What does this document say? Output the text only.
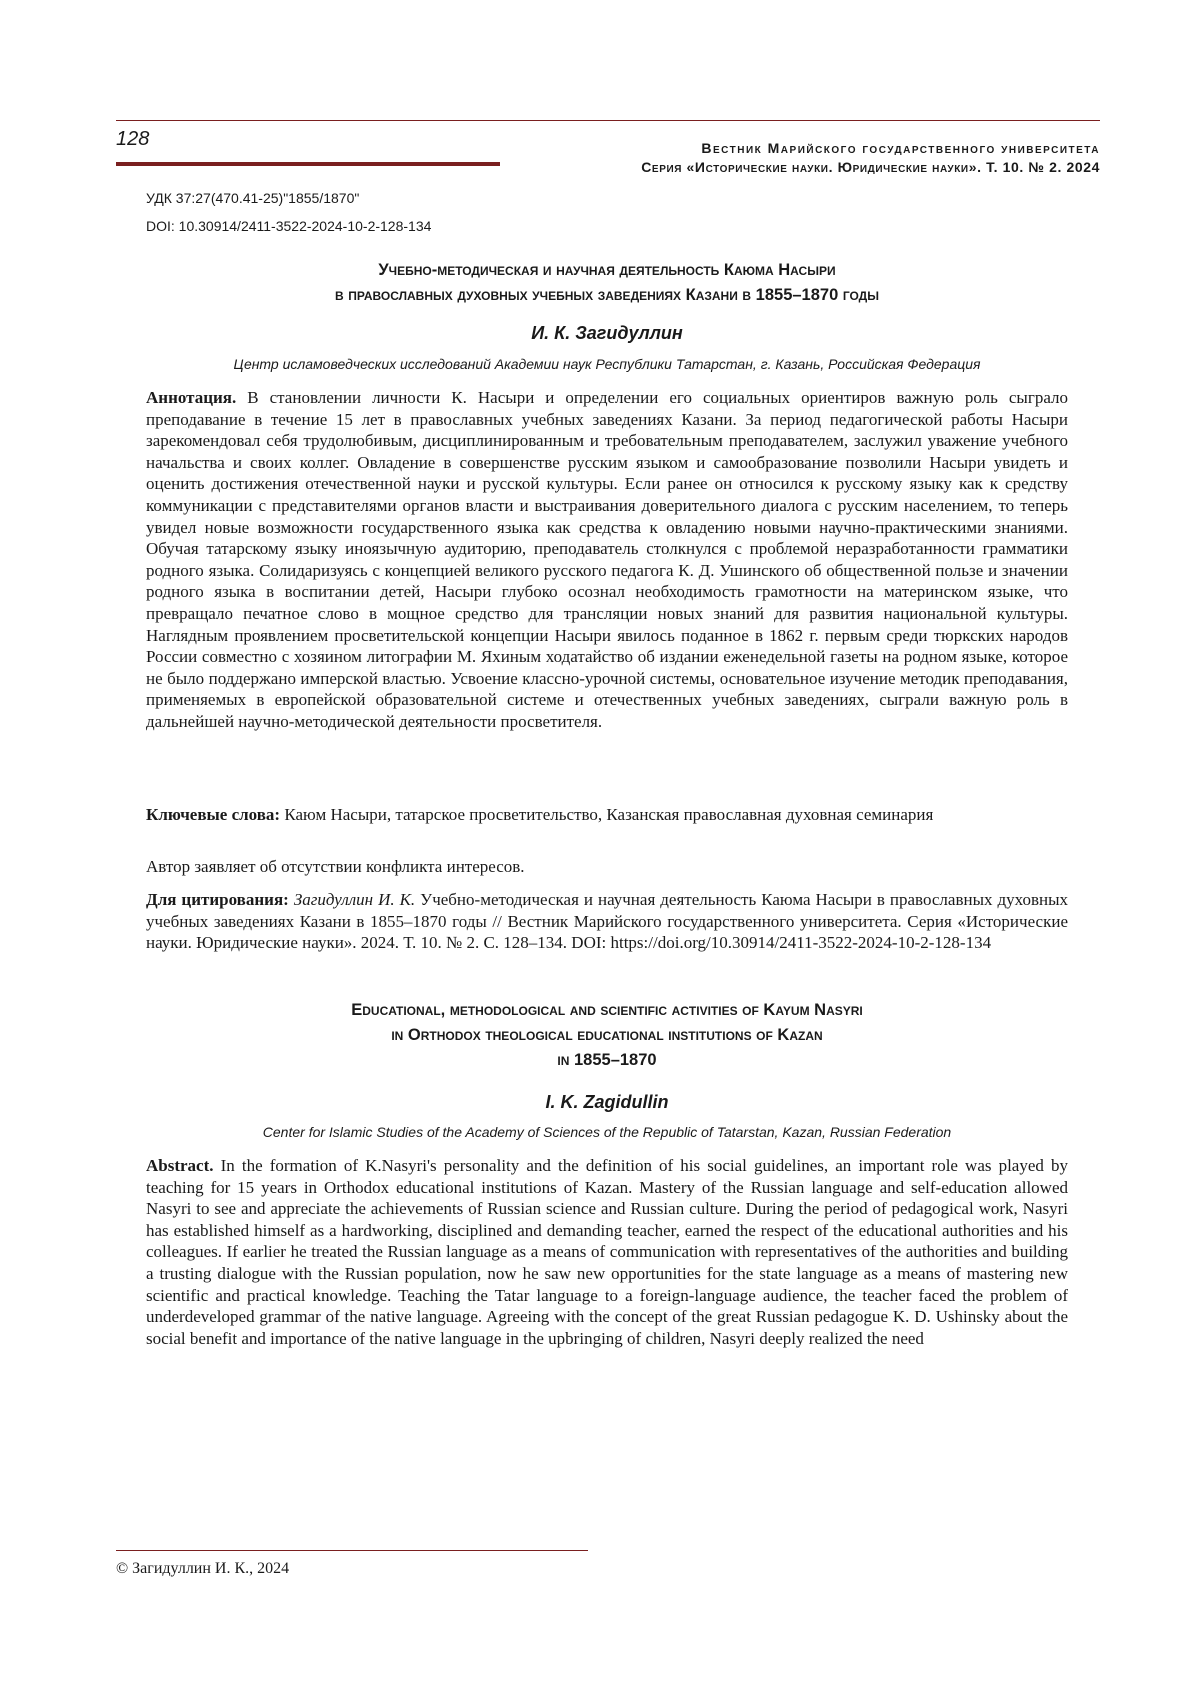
128	Вестник Марийского государственного университета
Серия «Исторические науки. Юридические науки». Т. 10. № 2. 2024
УДК 37:27(470.41-25)"1855/1870"
DOI: 10.30914/2411-3522-2024-10-2-128-134
Учебно-методическая и научная деятельность Каюма Насыри
в православных духовных учебных заведениях Казани в 1855–1870 годы
И. К. Загидуллин
Центр исламоведческих исследований Академии наук Республики Татарстан, г. Казань, Российская Федерация
Аннотация. В становлении личности К. Насыри и определении его социальных ориентиров важную роль сыграло преподавание в течение 15 лет в православных учебных заведениях Казани. За период педагогической работы Насыри зарекомендовал себя трудолюбивым, дисциплинированным и требовательным преподавателем, заслужил уважение учебного начальства и своих коллег. Овладение в совершенстве русским языком и самообразование позволили Насыри увидеть и оценить достижения отечественной науки и русской культуры. Если ранее он относился к русскому языку как к средству коммуникации с представителями органов власти и выстраивания доверительного диалога с русским населением, то теперь увидел новые возможности государственного языка как средства к овладению новыми научно-практическими знаниями. Обучая татарскому языку иноязычную аудиторию, преподаватель столкнулся с проблемой неразработанности грамматики родного языка. Солидаризуясь с концепцией великого русского педагога К. Д. Ушинского об общественной пользе и значении родного языка в воспитании детей, Насыри глубоко осознал необходимость грамотности на материнском языке, что превращало печатное слово в мощное средство для трансляции новых знаний для развития национальной культуры. Наглядным проявлением просветительской концепции Насыри явилось поданное в 1862 г. первым среди тюркских народов России совместно с хозяином литографии М. Яхиным ходатайство об издании еженедельной газеты на родном языке, которое не было поддержано имперской властью. Усвоение классно-урочной системы, основательное изучение методик преподавания, применяемых в европейской образовательной системе и отечественных учебных заведениях, сыграли важную роль в дальнейшей научно-методической деятельности просветителя.
Ключевые слова: Каюм Насыри, татарское просветительство, Казанская православная духовная семинария
Автор заявляет об отсутствии конфликта интересов.
Для цитирования: Загидуллин И. К. Учебно-методическая и научная деятельность Каюма Насыри в православных духовных учебных заведениях Казани в 1855–1870 годы // Вестник Марийского государственного университета. Серия «Исторические науки. Юридические науки». 2024. Т. 10. № 2. С. 128–134. DOI: https://doi.org/10.30914/2411-3522-2024-10-2-128-134
Educational, methodological and scientific activities of Kayum Nasyri
in Orthodox theological educational institutions of Kazan
in 1855–1870
I. K. Zagidullin
Center for Islamic Studies of the Academy of Sciences of the Republic of Tatarstan, Kazan, Russian Federation
Abstract. In the formation of K.Nasyri's personality and the definition of his social guidelines, an important role was played by teaching for 15 years in Orthodox educational institutions of Kazan. Mastery of the Russian language and self-education allowed Nasyri to see and appreciate the achievements of Russian science and Russian culture. During the period of pedagogical work, Nasyri has established himself as a hardworking, disciplined and demanding teacher, earned the respect of the educational authorities and his colleagues. If earlier he treated the Russian language as a means of communication with representatives of the authorities and building a trusting dialogue with the Russian population, now he saw new opportunities for the state language as a means of mastering new scientific and practical knowledge. Teaching the Tatar language to a foreign-language audience, the teacher faced the problem of underdeveloped grammar of the native language. Agreeing with the concept of the great Russian pedagogue K. D. Ushinsky about the social benefit and importance of the native language in the upbringing of children, Nasyri deeply realized the need
© Загидуллин И. К., 2024
